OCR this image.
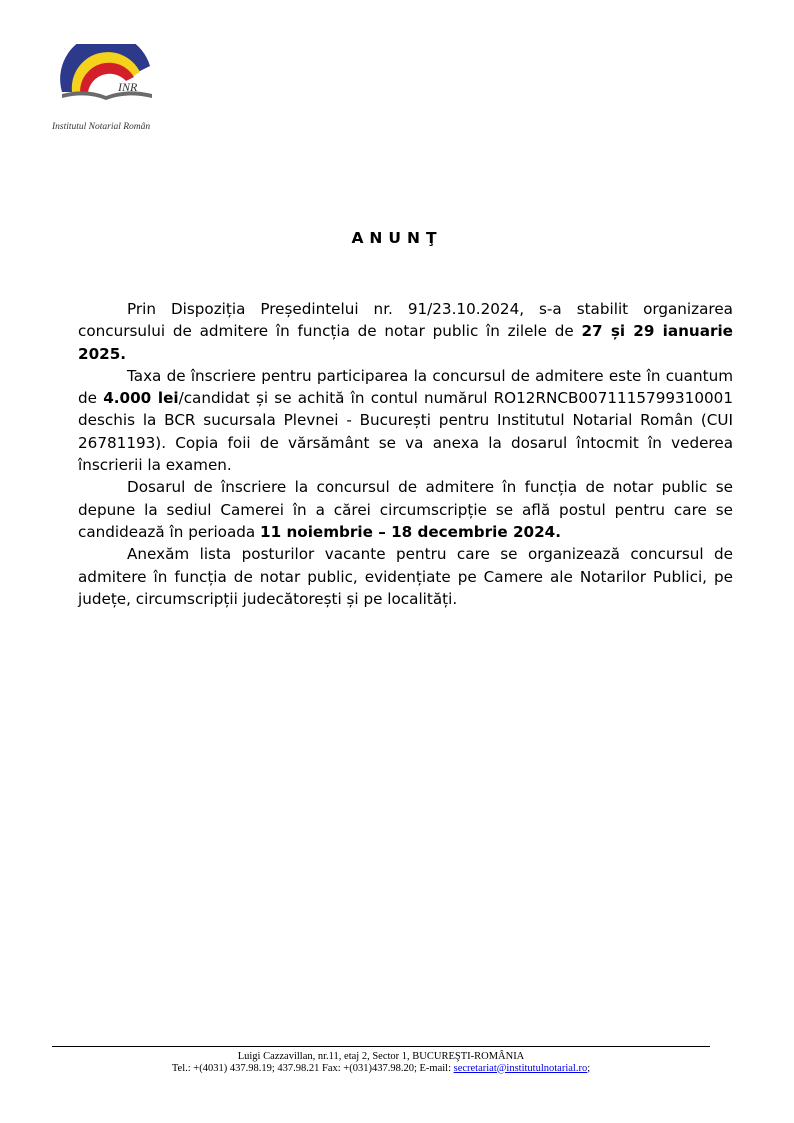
INR
Institutul Notarial Român
ANUNŢ

Prin Dispoziția Președintelui nr. 91/23.10.2024, s-a stabilit organizarea concursului de admitere în funcția de notar public în zilele de 27 și 29 ianuarie 2025.

Taxa de înscriere pentru participarea la concursul de admitere este în cuantum de 4.000 lei/candidat și se achită în contul numărul RO12RNCB0071115799310001 deschis la BCR sucursala Plevnei - București pentru Institutul Notarial Român (CUI 26781193). Copia foii de vărsământ se va anexa la dosarul întocmit în vederea înscrierii la examen.

Dosarul de înscriere la concursul de admitere în funcția de notar public se depune la sediul Camerei în a cărei circumscripție se află postul pentru care se candidează în perioada 11 noiembrie – 18 decembrie 2024.

Anexăm lista posturilor vacante pentru care se organizează concursul de admitere în funcția de notar public, evidențiate pe Camere ale Notarilor Publici, pe județe, circumscripții judecătorești și pe localități.

Luigi Cazzavillan, nr.11, etaj 2, Sector 1, BUCUREŞTI-ROMÂNIA
Tel.: +(4031) 437.98.19; 437.98.21 Fax: +(031)437.98.20; E-mail: secretariat@institutulnotarial.ro;
